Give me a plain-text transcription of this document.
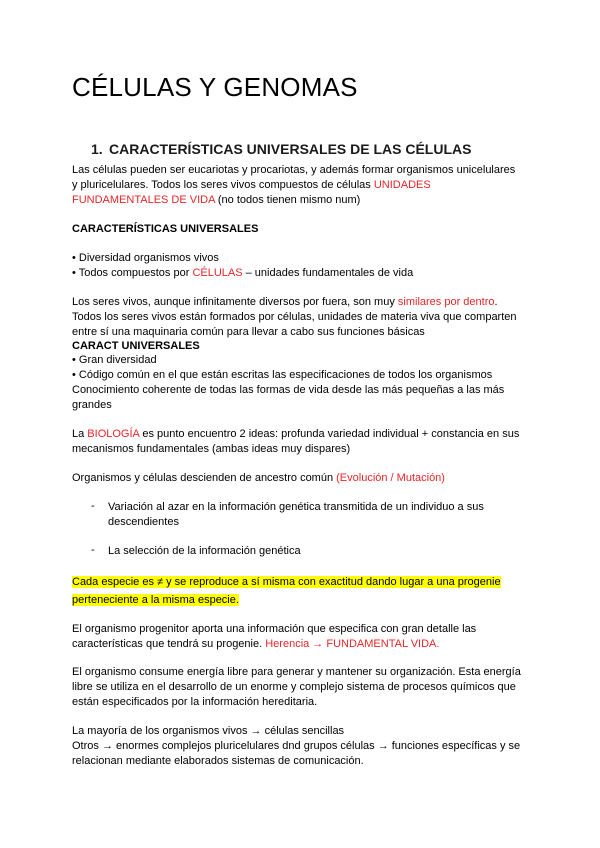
CÉLULAS Y GENOMAS
1. CARACTERÍSTICAS UNIVERSALES DE LAS CÉLULAS
Las células pueden ser eucariotas y procariotas, y además formar organismos unicelulares
y pluricelulares. Todos los seres vivos compuestos de células UNIDADES
FUNDAMENTALES DE VIDA (no todos tienen mismo num)
CARACTERÍSTICAS UNIVERSALES
• Diversidad organismos vivos
• Todos compuestos por CÉLULAS – unidades fundamentales de vida
Los seres vivos, aunque infinitamente diversos por fuera, son muy similares por dentro.
Todos los seres vivos están formados por células, unidades de materia viva que comparten
entre sí una maquinaria común para llevar a cabo sus funciones básicas
CARACT UNIVERSALES
• Gran diversidad
• Código común en el que están escritas las especificaciones de todos los organismos
Conocimiento coherente de todas las formas de vida desde las más pequeñas a las más
grandes
La BIOLOGÍA es punto encuentro 2 ideas: profunda variedad individual + constancia en sus
mecanismos fundamentales (ambas ideas muy dispares)
Organismos y células descienden de ancestro común (Evolución / Mutación)
- Variación al azar en la información genética transmitida de un individuo a sus
descendientes
- La selección de la información genética
Cada especie es ≠ y se reproduce a sí misma con exactitud dando lugar a una progenie
perteneciente a la misma especie.
El organismo progenitor aporta una información que especifica con gran detalle las
características que tendrá su progenie. Herencia → FUNDAMENTAL VIDA.
El organismo consume energía libre para generar y mantener su organización. Esta energía
libre se utiliza en el desarrollo de un enorme y complejo sistema de procesos químicos que
están especificados por la información hereditaria.
La mayoría de los organismos vivos → células sencillas
Otros → enormes complejos pluricelulares dnd grupos células → funciones específicas y se
relacionan mediante elaborados sistemas de comunicación.
